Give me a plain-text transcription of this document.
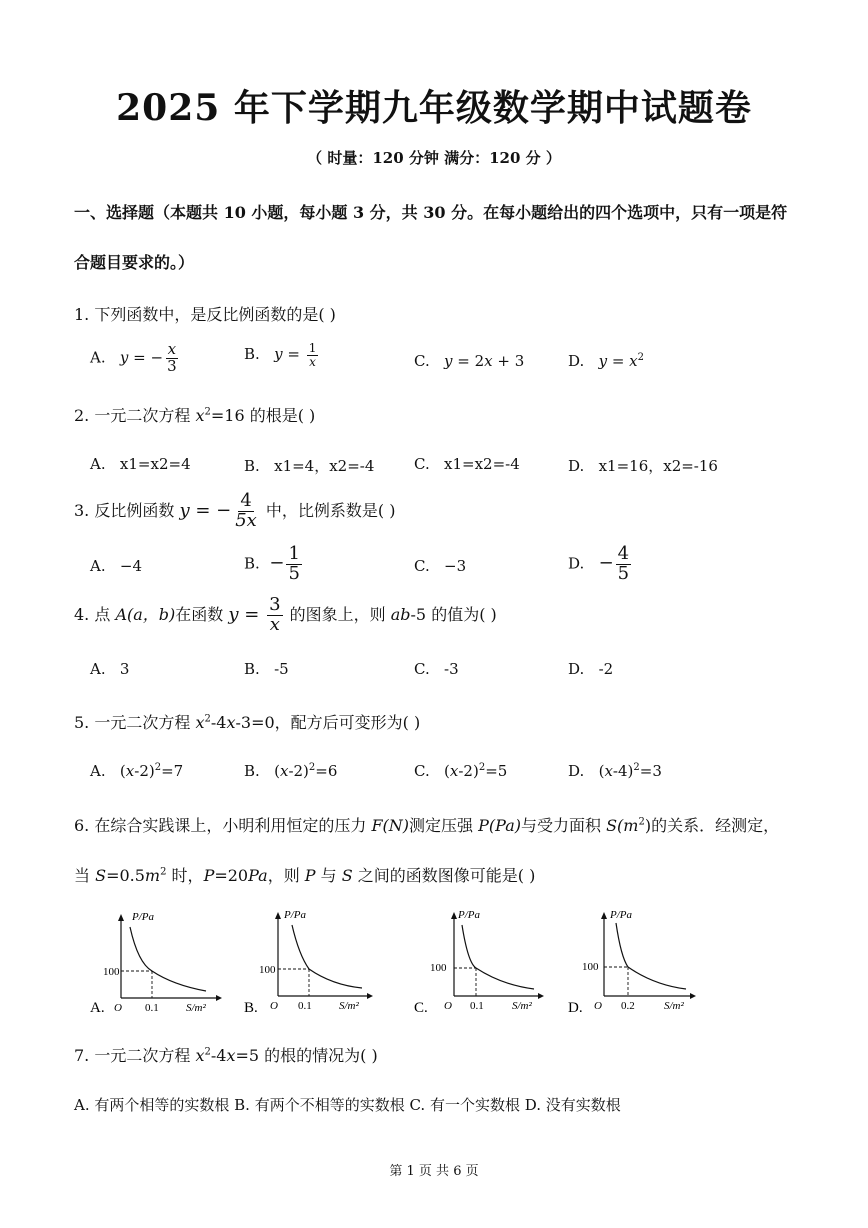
2025 年下学期九年级数学期中试题卷
（ 时量：120 分钟 满分：120 分 ）
一、选择题（本题共 10 小题，每小题 3 分，共 30 分。在每小题给出的四个选项中，只有一项是符
合题目要求的。）
1. 下列函数中，是反比例函数的是( )
A. y = − $\frac{x}{3}$	B. $y = \frac{1}{x}$	C. y = 2x + 3	D. $y = x^2$
2. 一元二次方程 $x^2=16$ 的根是( )
A. x1=x2=4	B. x1=4，x2=-4	C. x1=x2=-4	D. x1=16，x2=-16
3. 反比例函数 y = − $\frac{4}{5x}$ 中，比例系数是( )
A. −4	B. − $\frac{1}{5}$	C. −3	D. − $\frac{4}{5}$
4. 点 A(a，b)在函数 $y = \frac{3}{x}$ 的图象上，则 ab-5 的值为( )
A. 3	B. -5	C. -3	D. -2
5. 一元二次方程 $x^2-4x-3=0$，配方后可变形为( )
A. $(x-2)^2=7$	B. $(x-2)^2=6$	C. $(x-2)^2=5$	D. $(x-4)^2=3$
6. 在综合实践课上，小明利用恒定的压力 F(N)测定压强 P(Pa)与受力面积 $S(m^2)$的关系．经测定，
当 $S=0.5m^2$ 时，P=20Pa，则 P 与 S 之间的函数图像可能是( )
P/Pa
100
0.1 S/m²
O
A.
P/Pa
100
0.1 S/m²
O
B.
P/Pa
100
0.1	S/m²
O
C.
P/Pa
100
0.2	S/m²
O
D.
7. 一元二次方程 $x^2-4x=5$ 的根的情况为( )
A. 有两个相等的实数根 B. 有两个不相等的实数根 C. 有一个实数根 D. 没有实数根
第 1 页 共 6 页
